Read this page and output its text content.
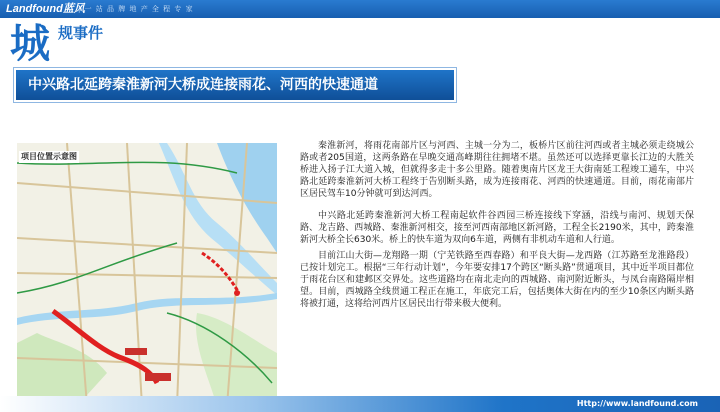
Landfound蓝风
| 一 站 品 牌 地 产 全 程 专 家
城 规事件
中兴路北延跨秦淮新河大桥成连接雨花、河西的快速通道
项目位置示意图

秦淮新河，将雨花南部片区与河西、主城一分为二，板桥片区前往河西或者主城必须走绕城公路或者205国道，这两条路在早晚交通高峰期往往拥堵不堪。虽然还可以选择更靠长江边的大胜关桥进入扬子江大道入城，但就得多走十多公里路。随着奥南片区龙王大街南延工程竣工通车，中兴路北延跨秦淮新河大桥工程终于告别断头路，成为连接雨花、河西的快速通道。目前，雨花南部片区居民驾车10分钟就可到达河西。

中兴路北延跨秦淮新河大桥工程南起软件谷西园三桥连接线下穿涵，沿线与南河、规划天保路、龙吉路、西城路、秦淮新河相交，接至河西南部地区新河路，工程全长2190米，其中，跨秦淮新河大桥全长630米。桥上的快车道为双向6车道，两侧有非机动车道和人行道。

目前江山大街—龙翔路一期（宁芜铁路至西春路）和平良大街—龙西路（江苏路至龙淮路段）已按计划完工。根据“三年行动计划”，今年要安排17个跨区“断头路”贯通项目，其中近半项目都位于雨花台区和建邺区交界处。这些道路均在南北走向的西城路、南河附近断头，与凤台南路隔岸相望。目前，西城路全线贯通工程正在施工，年底完工后，包括奥体大街在内的至少10条区内断头路将被打通，这将给河西片区居民出行带来极大便利。

Http://www.landfound.com
